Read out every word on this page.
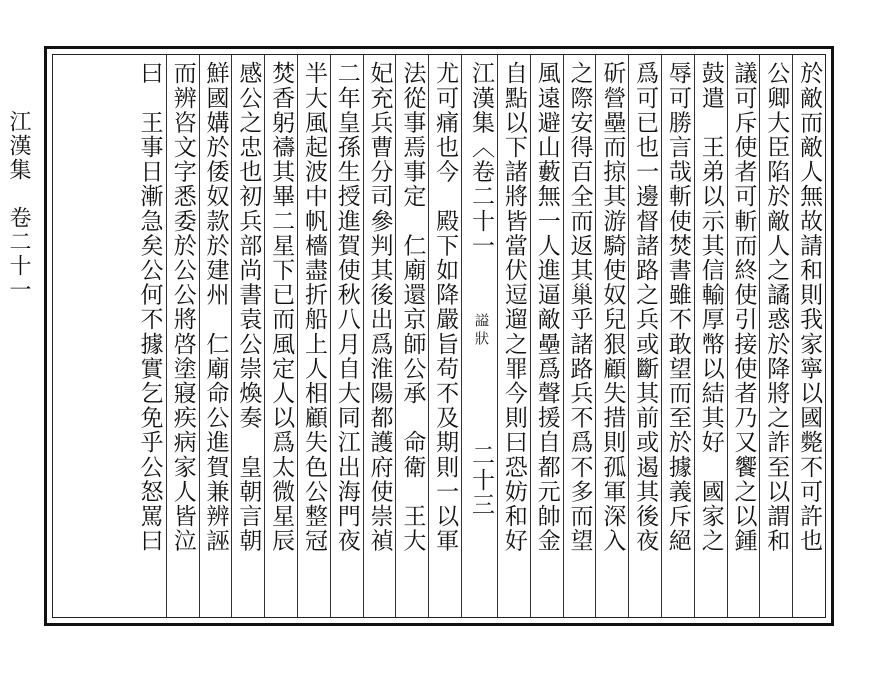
江漢集　卷二十一	於敵而敵人無故請和則我家寧以國斃不可許也
公卿大臣陷於敵人之譎惑於降將之詐至以謂和
議可斥使者可斬而終使引接使者乃又饗之以鍾
鼓遣　王弟以示其信輸厚幣以結其好　國家之
辱可勝言哉斬使焚書雖不敢望而至於據義斥絕
爲可已也一邊督諸路之兵或斷其前或遏其後夜
斫營壘而掠其游騎使奴兒狠顧失措則孤軍深入
之際安得百全而返其巢乎諸路兵不爲不多而望
風遠避山藪無一人進逼敵壘爲聲援自都元帥金
自點以下諸將皆當伏逗遛之罪今則曰恐妨和好
江漢集〈卷二十一
謚狀
二十三
尤可痛也今　殿下如降嚴旨苟不及期則一以軍
法從事焉事定　仁廟還京師公承　命衛　王大
妃充兵曹分司參判其後出爲淮陽都護府使崇禎
二年皇孫生授進賀使秋八月自大同江出海門夜
半大風起波中帆檣盡折船上人相顧失色公整冠
焚香躬禱其畢二星下已而風定人以爲太微星辰
感公之忠也初兵部尚書袁公崇煥奏　皇朝言朝
鮮國媾於倭奴款於建州　仁廟命公進賀兼辨誣
而辨咨文字悉委於公公將啓塗寢疾病家人皆泣
曰　王事日漸急矣公何不據實乞免乎公怒罵曰
